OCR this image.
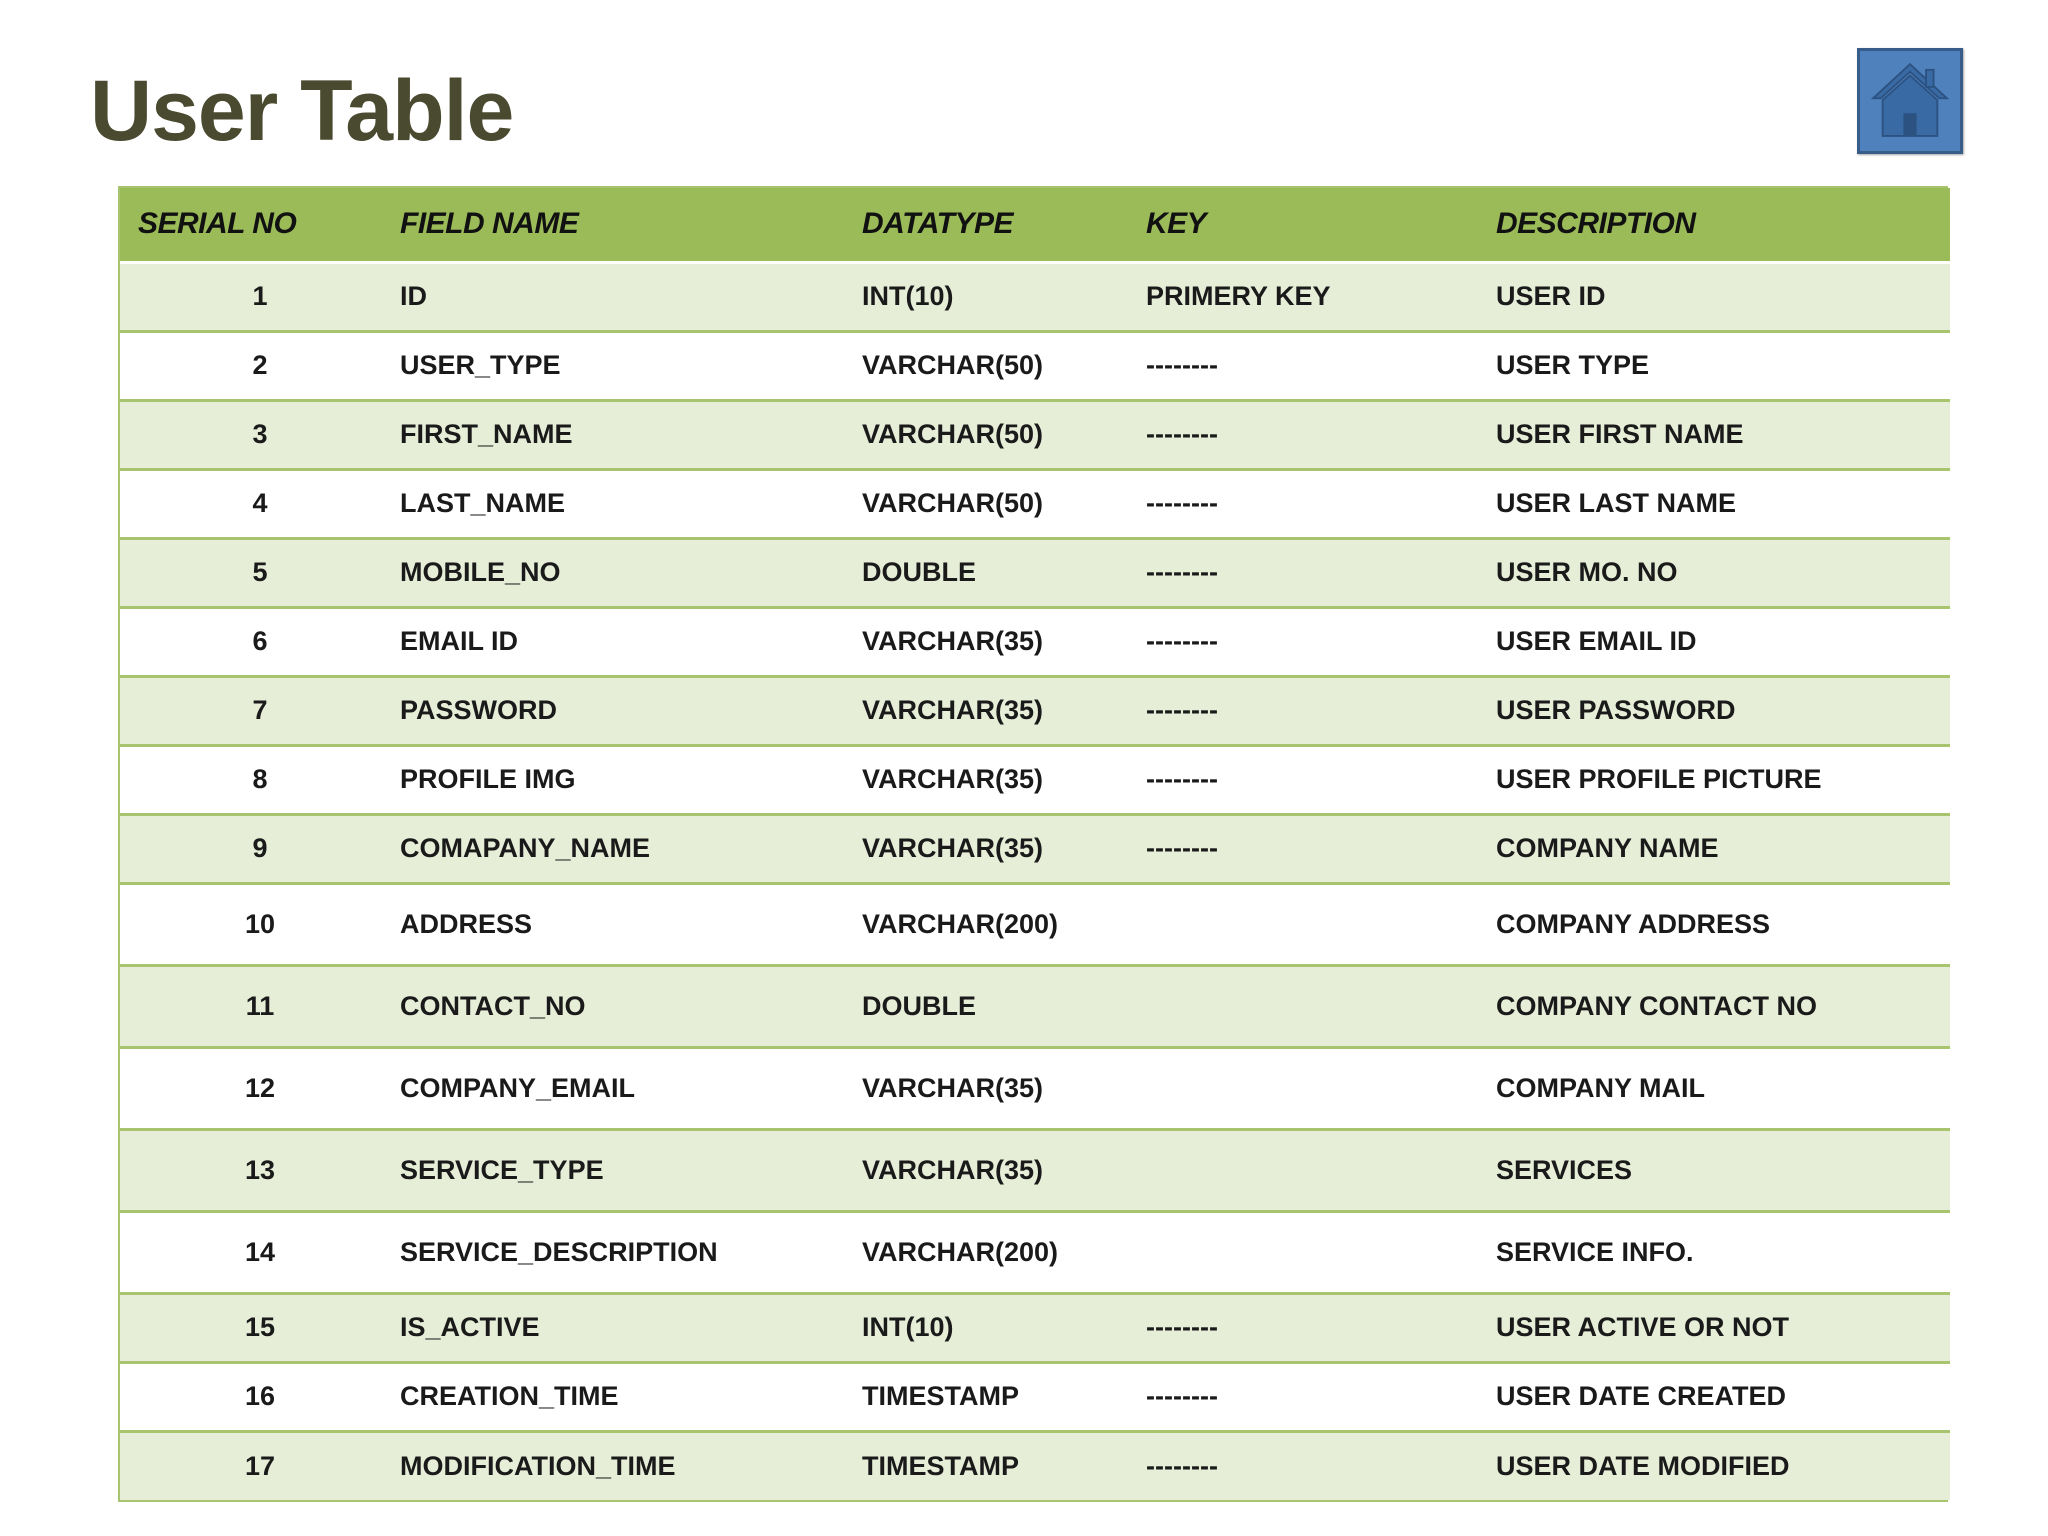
User Table
SERIAL NO	FIELD NAME	DATATYPE	KEY	DESCRIPTION
1	ID	INT(10)	PRIMERY KEY	USER ID
2	USER_TYPE	VARCHAR(50)	--------	USER TYPE
3	FIRST_NAME	VARCHAR(50)	--------	USER FIRST NAME
4	LAST_NAME	VARCHAR(50)	--------	USER LAST NAME
5	MOBILE_NO	DOUBLE	--------	USER MO. NO
6	EMAIL ID	VARCHAR(35)	--------	USER EMAIL ID
7	PASSWORD	VARCHAR(35)	--------	USER PASSWORD
8	PROFILE IMG	VARCHAR(35)	--------	USER PROFILE PICTURE
9	COMAPANY_NAME	VARCHAR(35)	--------	COMPANY NAME
10	ADDRESS	VARCHAR(200)		COMPANY ADDRESS
11	CONTACT_NO	DOUBLE		COMPANY CONTACT NO
12	COMPANY_EMAIL	VARCHAR(35)		COMPANY MAIL
13	SERVICE_TYPE	VARCHAR(35)		SERVICES
14	SERVICE_DESCRIPTION	VARCHAR(200)		SERVICE INFO.
15	IS_ACTIVE	INT(10)	--------	USER ACTIVE OR NOT
16	CREATION_TIME	TIMESTAMP	--------	USER DATE CREATED
17	MODIFICATION_TIME	TIMESTAMP	--------	USER DATE MODIFIED
